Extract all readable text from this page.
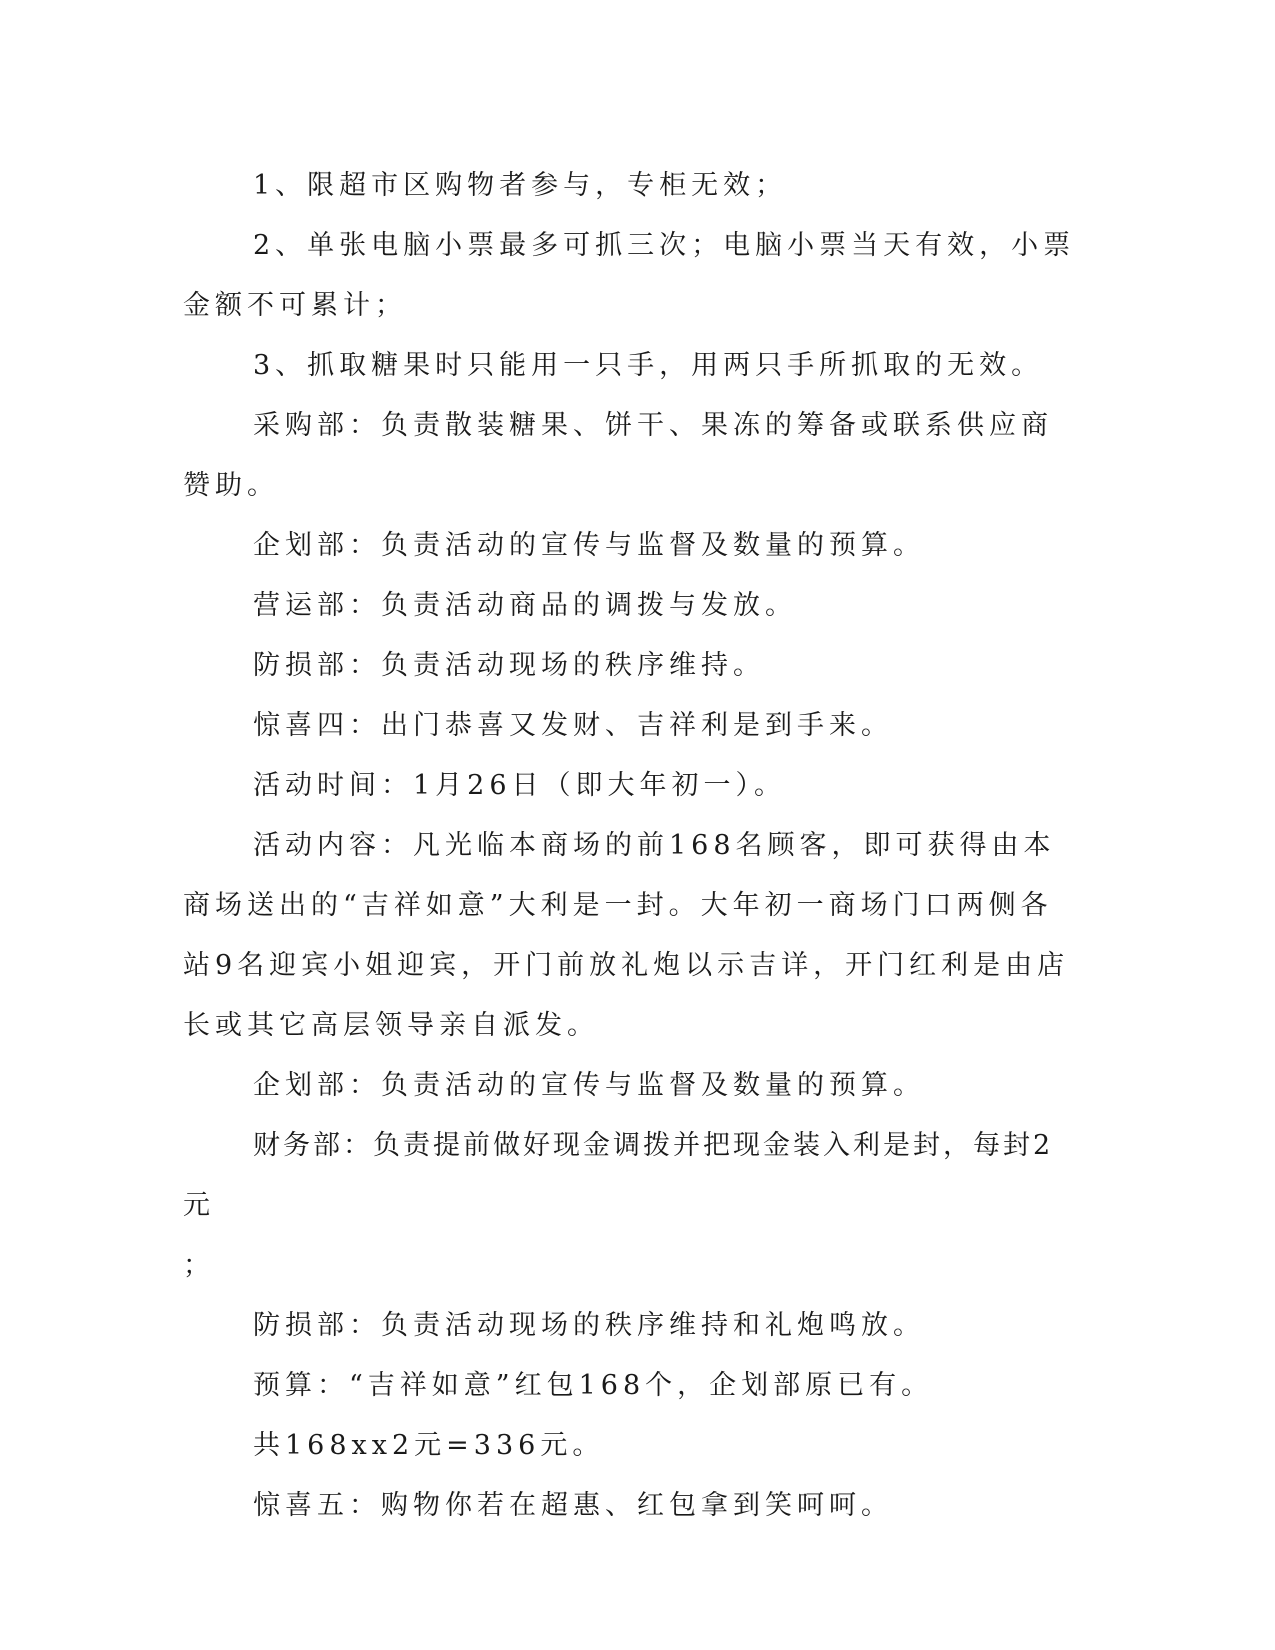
1、限超市区购物者参与，专柜无效；

2、单张电脑小票最多可抓三次；电脑小票当天有效，小票金额不可累计；

3、抓取糖果时只能用一只手，用两只手所抓取的无效。

采购部：负责散装糖果、饼干、果冻的筹备或联系供应商赞助。

企划部：负责活动的宣传与监督及数量的预算。

营运部：负责活动商品的调拨与发放。

防损部：负责活动现场的秩序维持。

惊喜四：出门恭喜又发财、吉祥利是到手来。

活动时间：1月26日（即大年初一）。

活动内容：凡光临本商场的前168名顾客，即可获得由本商场送出的“吉祥如意”大利是一封。大年初一商场门口两侧各站9名迎宾小姐迎宾，开门前放礼炮以示吉详，开门红利是由店长或其它高层领导亲自派发。

企划部：负责活动的宣传与监督及数量的预算。

财务部：负责提前做好现金调拨并把现金装入利是封，每封2元

；

防损部：负责活动现场的秩序维持和礼炮鸣放。

预算：“吉祥如意”红包168个，企划部原已有。

共168xx2元=336元。

惊喜五：购物你若在超惠、红包拿到笑呵呵。
